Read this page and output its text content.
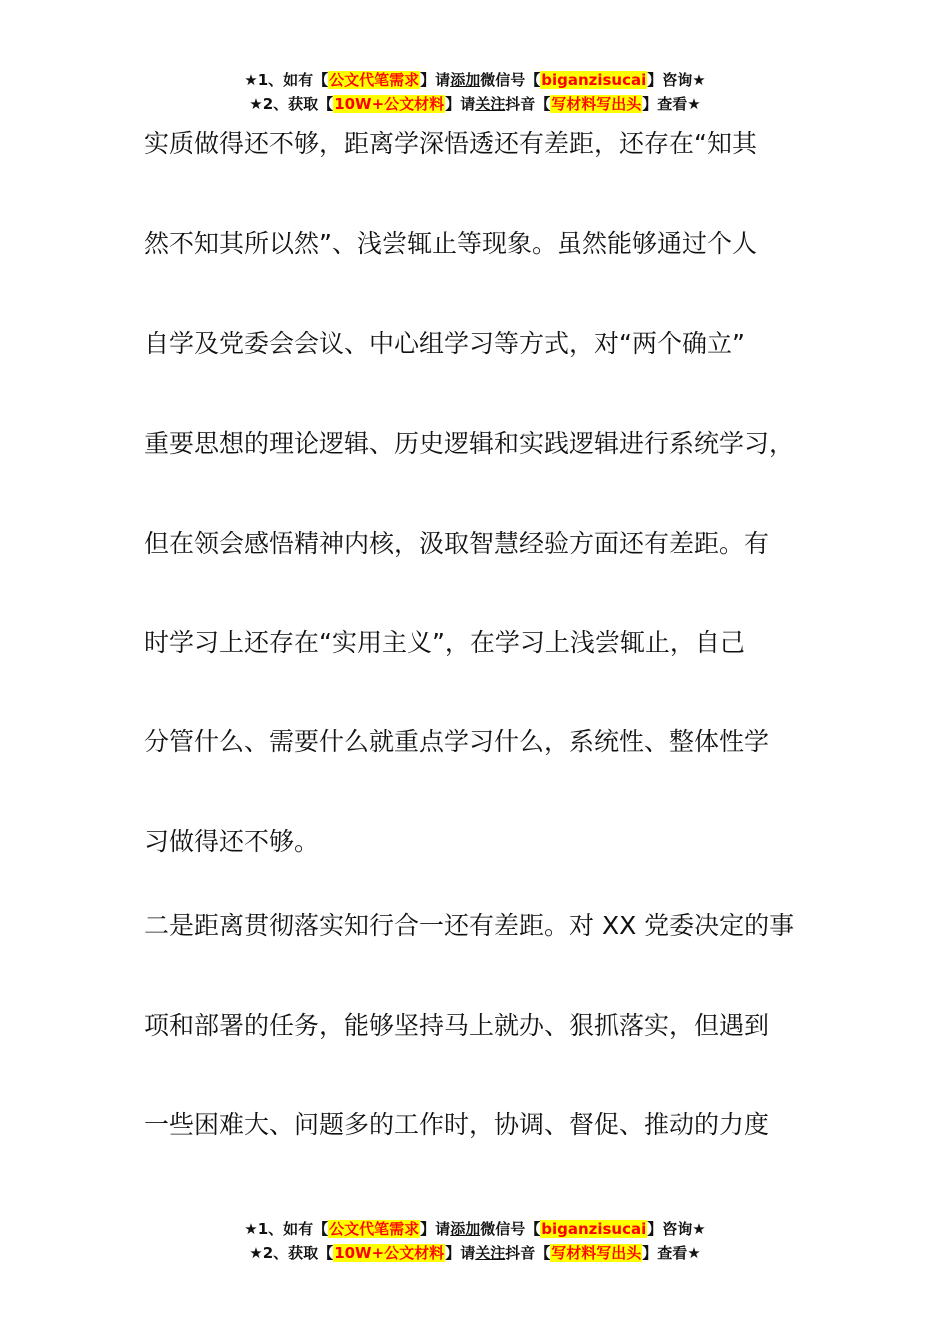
★1、如有【公文代笔需求】请添加微信号【biganzisucai】咨询★
★2、获取【10W+公文材料】请关注抖音【写材料写出头】查看★

实质做得还不够，距离学深悟透还有差距，还存在“知其

然不知其所以然”、浅尝辄止等现象。虽然能够通过个人

自学及党委会会议、中心组学习等方式，对“两个确立”

重要思想的理论逻辑、历史逻辑和实践逻辑进行系统学习，

但在领会感悟精神内核，汲取智慧经验方面还有差距。有

时学习上还存在“实用主义”，在学习上浅尝辄止，自己

分管什么、需要什么就重点学习什么，系统性、整体性学

习做得还不够。

二是距离贯彻落实知行合一还有差距。对 XX 党委决定的事

项和部署的任务，能够坚持马上就办、狠抓落实，但遇到

一些困难大、问题多的工作时，协调、督促、推动的力度

★1、如有【公文代笔需求】请添加微信号【biganzisucai】咨询★
★2、获取【10W+公文材料】请关注抖音【写材料写出头】查看★
